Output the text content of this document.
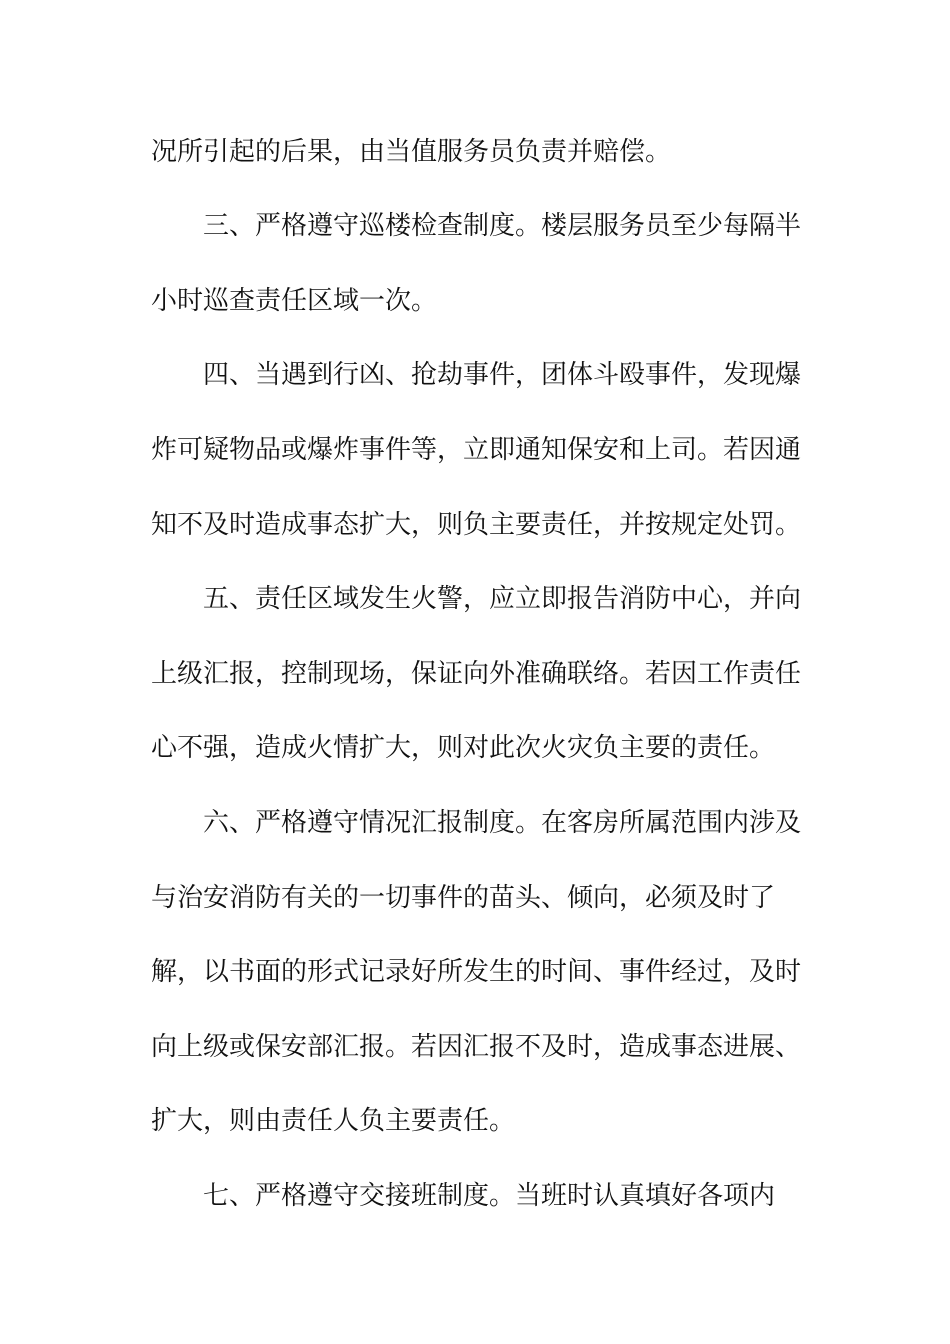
况所引起的后果，由当值服务员负责并赔偿。
三、严格遵守巡楼检查制度。楼层服务员至少每隔半
小时巡查责任区域一次。
四、当遇到行凶、抢劫事件，团体斗殴事件，发现爆
炸可疑物品或爆炸事件等，立即通知保安和上司。若因通
知不及时造成事态扩大，则负主要责任，并按规定处罚。
五、责任区域发生火警，应立即报告消防中心，并向
上级汇报，控制现场，保证向外准确联络。若因工作责任
心不强，造成火情扩大，则对此次火灾负主要的责任。
六、严格遵守情况汇报制度。在客房所属范围内涉及
与治安消防有关的一切事件的苗头、倾向，必须及时了
解，以书面的形式记录好所发生的时间、事件经过，及时
向上级或保安部汇报。若因汇报不及时，造成事态进展、
扩大，则由责任人负主要责任。
七、严格遵守交接班制度。当班时认真填好各项内
